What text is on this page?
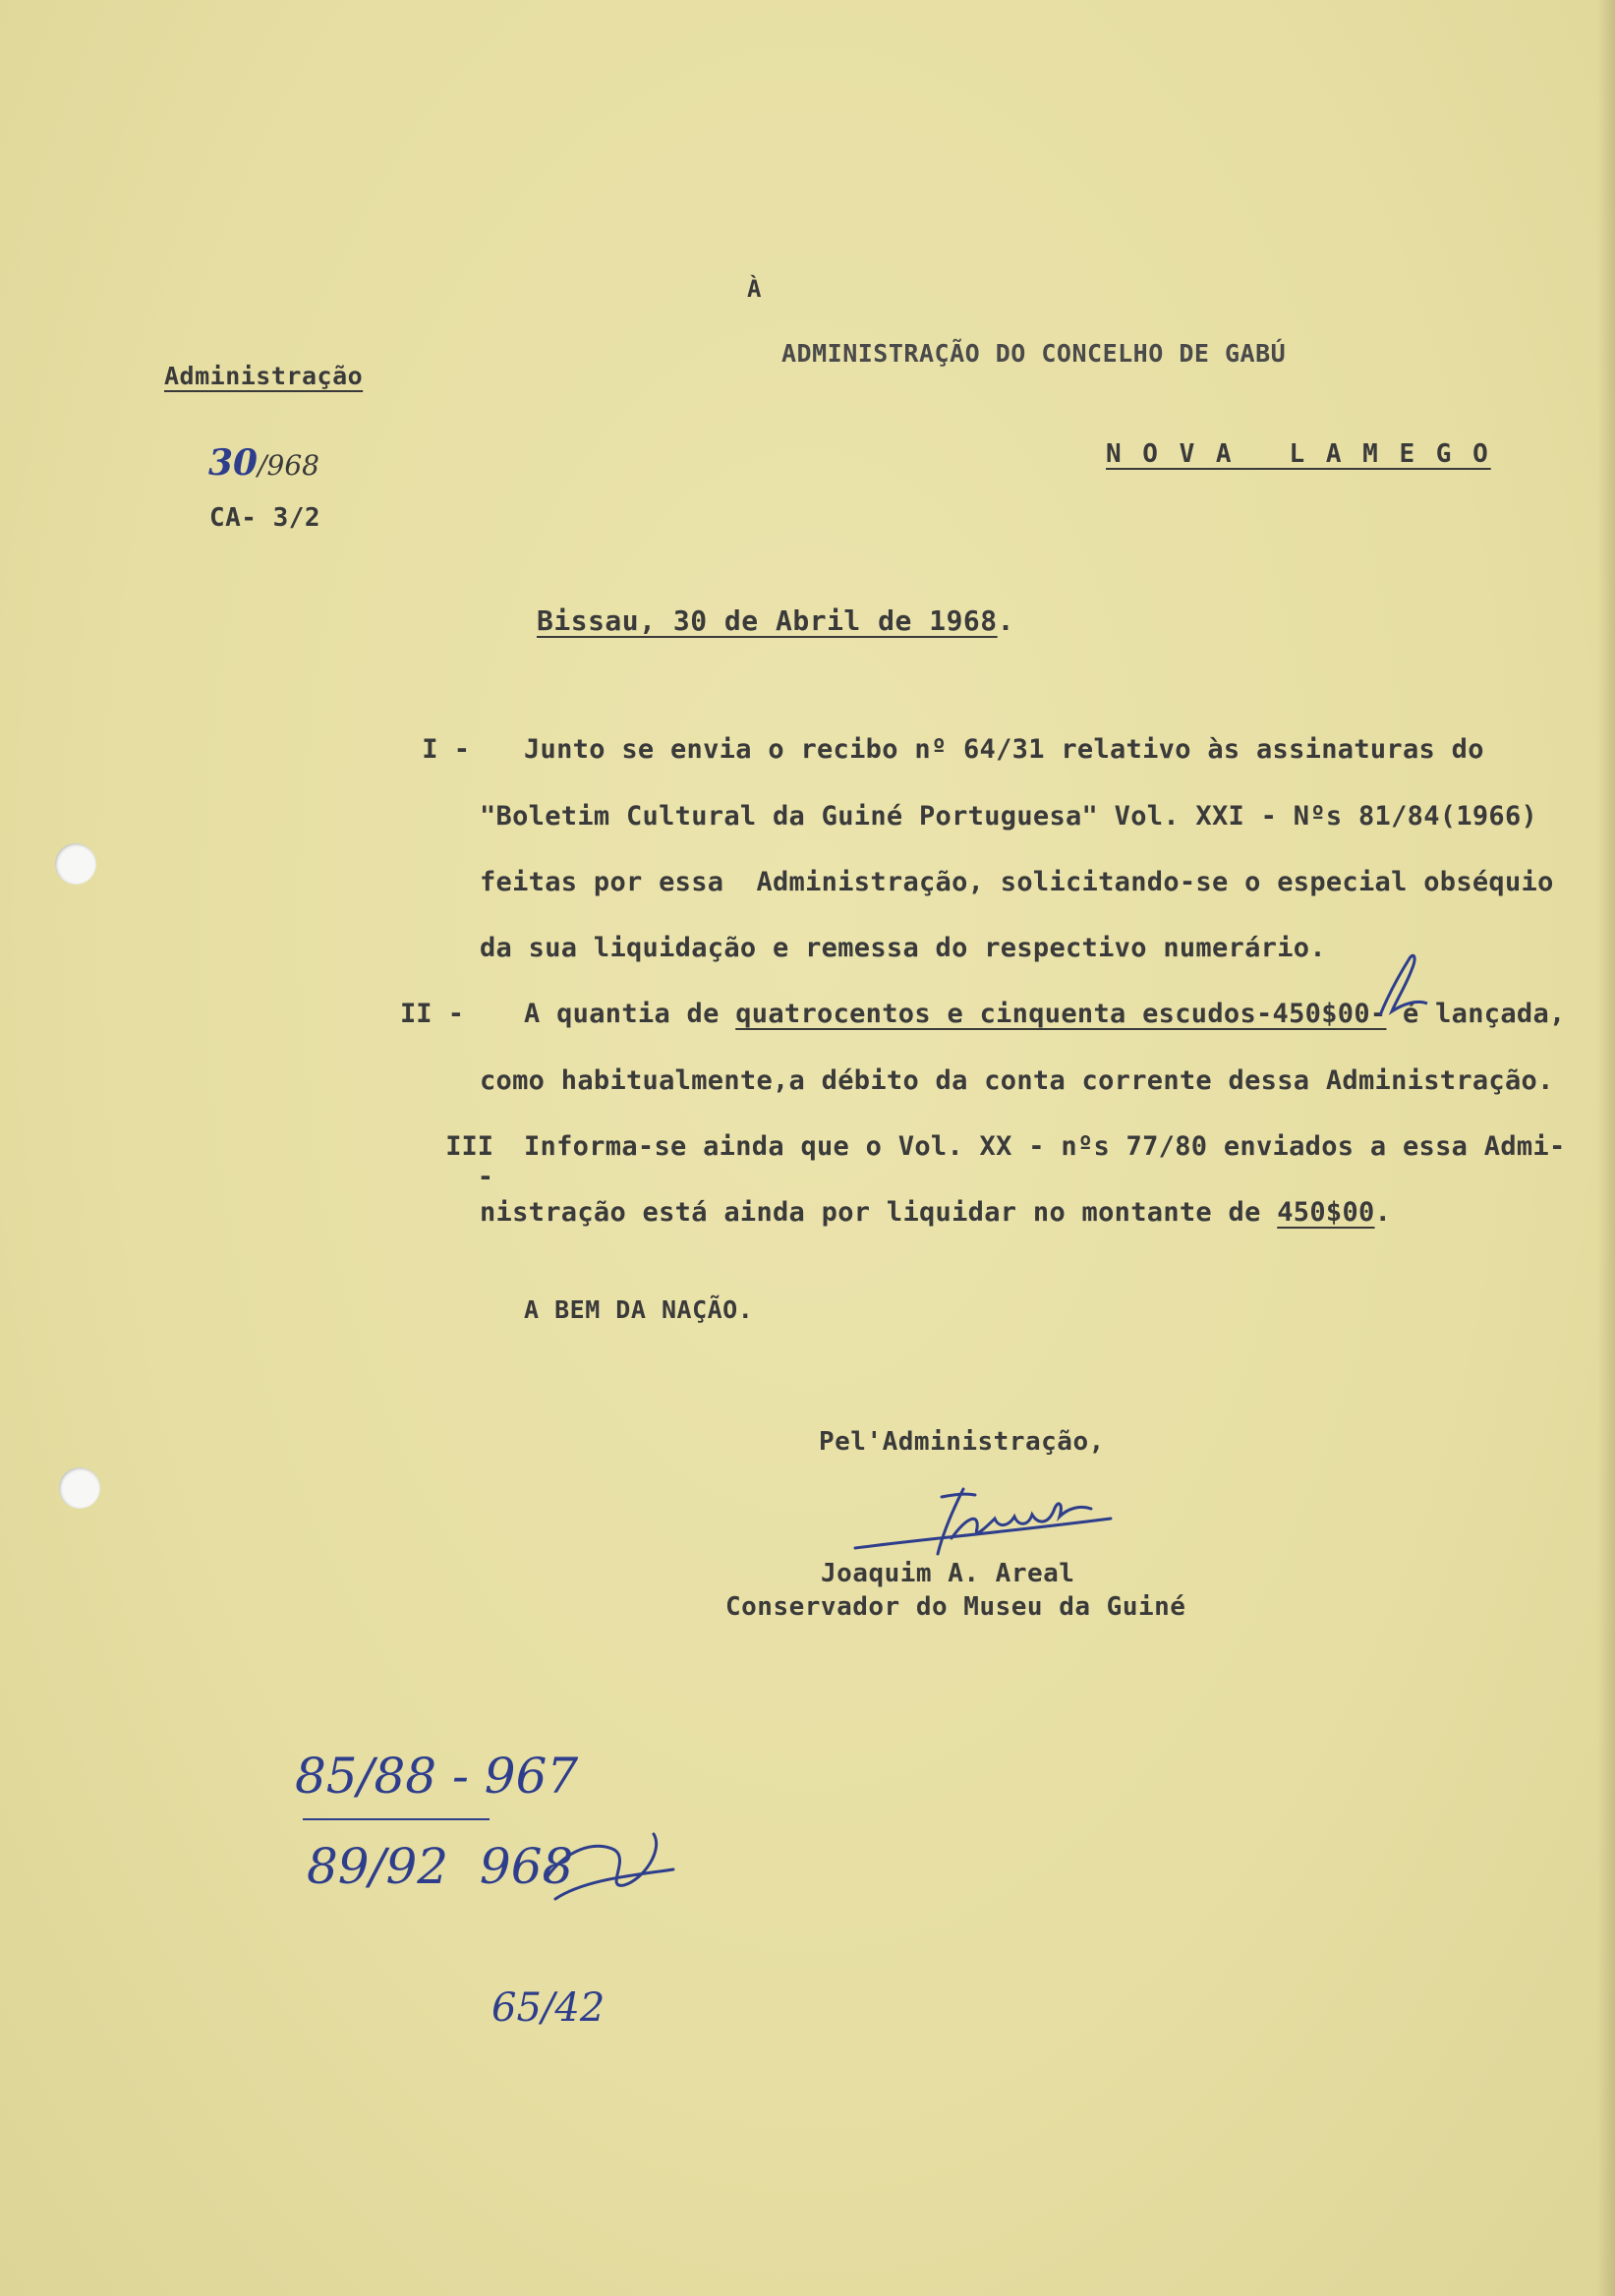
À
ADMINISTRAÇÃO DO CONCELHO DE GABÚ
N O V A   L A M E G O
Administração
30/968
CA- 3/2
Bissau, 30 de Abril de 1968.
I - Junto se envia o recibo nº 64/31 relativo às assinaturas do
"Boletim Cultural da Guiné Portuguesa" Vol. XXI - Nºs 81/84(1966)
feitas por essa  Administração, solicitando-se o especial obséquio
da sua liquidação e remessa do respectivo numerário.
II - A quantia de quatrocentos e cinquenta escudos-450$00- é lançada,
como habitualmente,a débito da conta corrente dessa Administração.
III -
Informa-se ainda que o Vol. XX - nºs 77/80 enviados a essa Admi-
nistração está ainda por liquidar no montante de 450$00.
A BEM DA NAÇÃO.
Pel'Administração,
Joaquim A. Areal
Conservador do Museu da Guiné
85/88 - 967
89/92  968
65/42
